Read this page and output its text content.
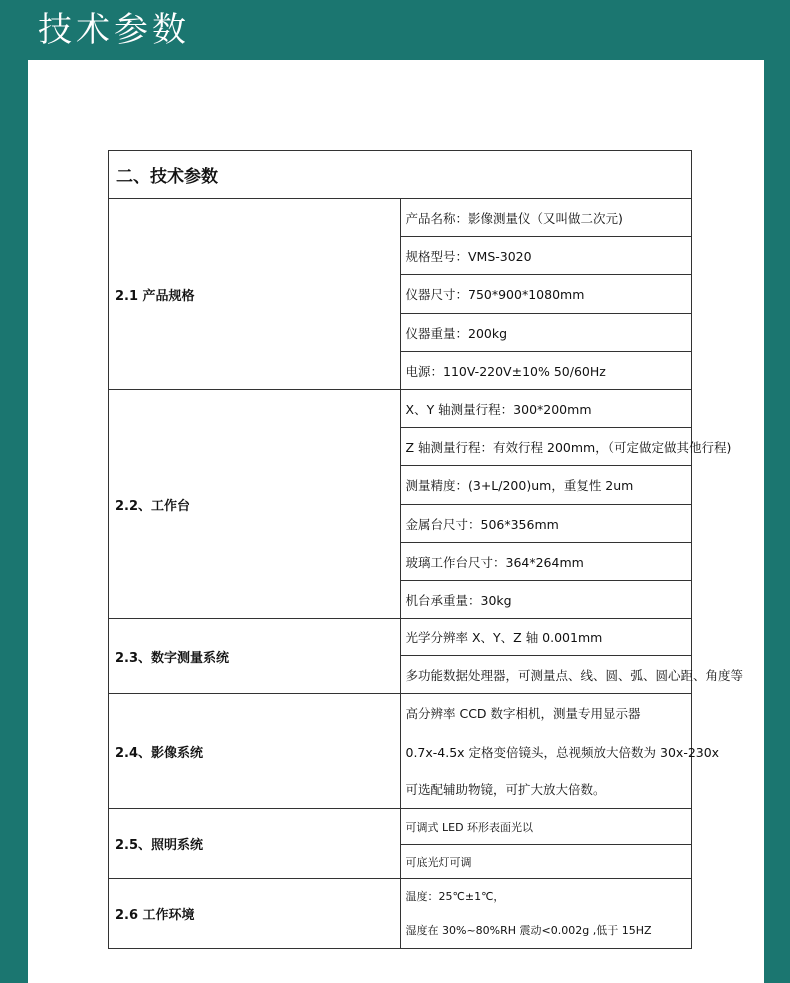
技术参数
二、技术参数	
2.1 产品规格	产品名称：影像测量仪（又叫做二次元)
	规格型号：VMS-3020
	仪器尺寸：750*900*1080mm
	仪器重量：200kg
	电源：110V-220V±10% 50/60Hz
2.2、工作台	X、Y 轴测量行程：300*200mm
	Z 轴测量行程：有效行程 200mm，（可定做定做其他行程)
	测量精度：(3+L/200)um，重复性 2um
	金属台尺寸：506*356mm
	玻璃工作台尺寸：364*264mm
	机台承重量：30kg
2.3、数字测量系统	光学分辨率 X、Y、Z 轴 0.001mm
	多功能数据处理器，可测量点、线、圆、弧、圆心距、角度等
2.4、影像系统	高分辨率 CCD 数字相机，测量专用显示器
	0.7x-4.5x 定格变倍镜头，总视频放大倍数为 30x-230x
	可选配辅助物镜，可扩大放大倍数。
2.5、照明系统	可调式 LED 环形表面光以
	可底光灯可调
2.6 工作环境	温度：25℃±1℃，
	湿度在 30%~80%RH 震动<0.002g ,低于 15HZ
